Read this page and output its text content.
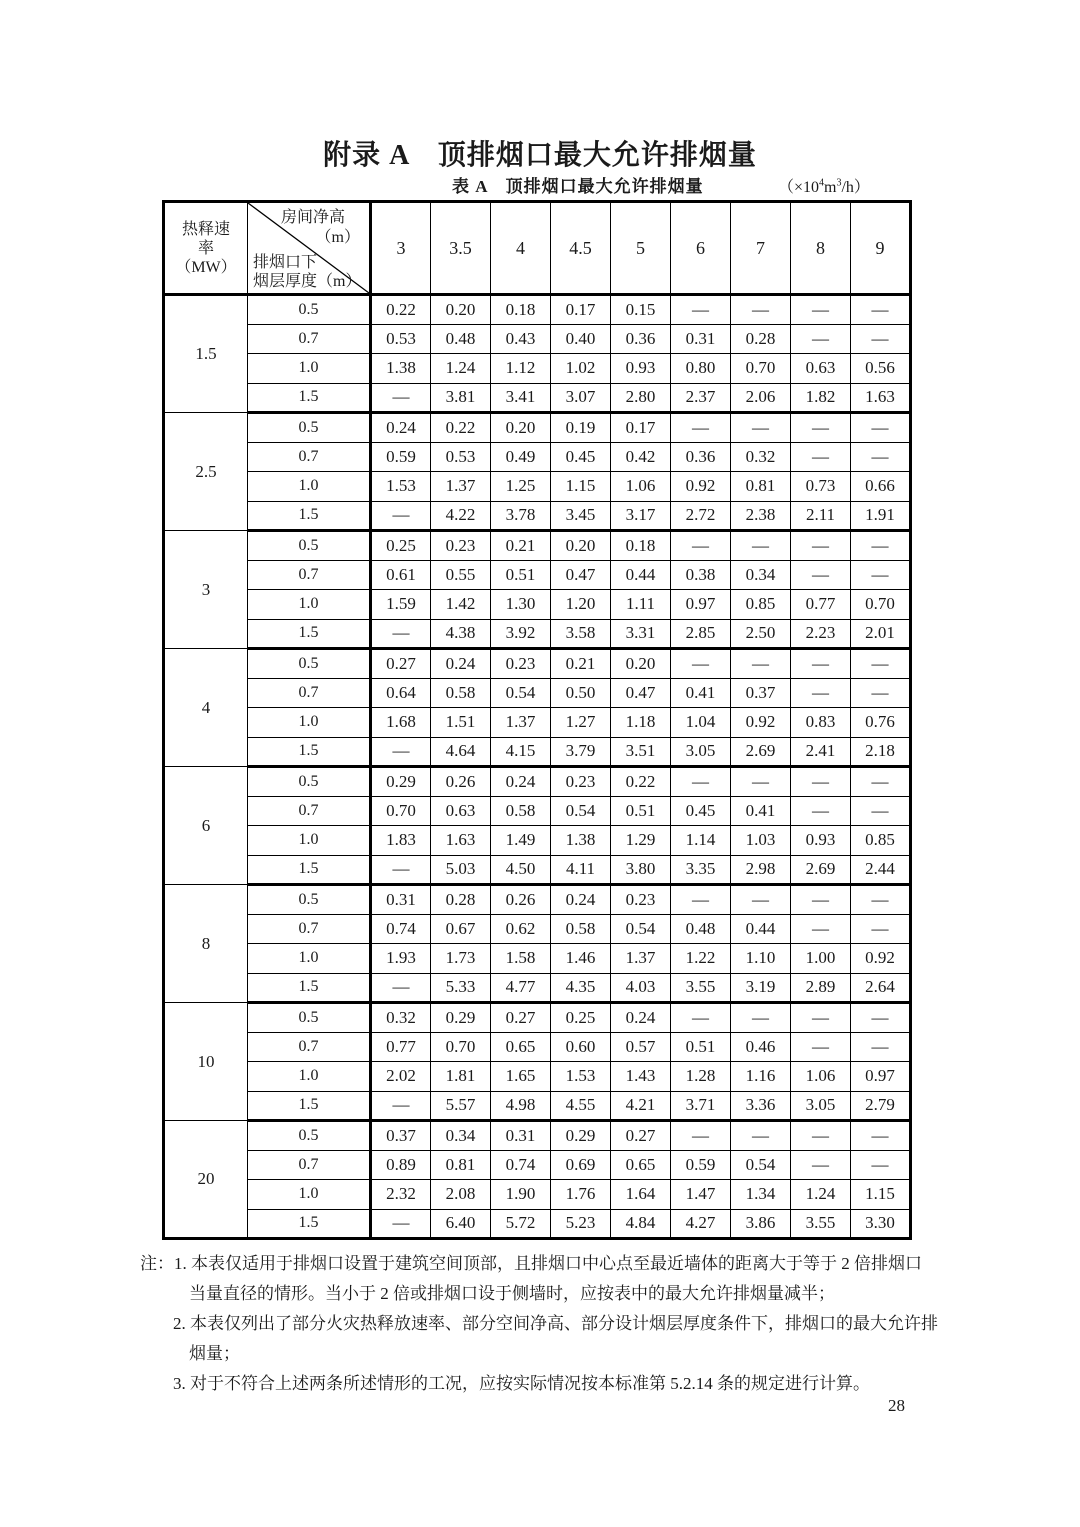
附录 A　顶排烟口最大允许排烟量
表 A　顶排烟口最大允许排烟量	$(\times 10^4m^3/h)$
热释速
率
（MW）

房间净高
（m）
排烟口下
烟层厚度（m）
	3	3.5	4	4.5	5	6	7	8	9
1.5	0.5	0.22	0.20	0.18	0.17	0.15	—	—	—	—
	0.7	0.53	0.48	0.43	0.40	0.36	0.31	0.28	—	—
	1.0	1.38	1.24	1.12	1.02	0.93	0.80	0.70	0.63	0.56
	1.5	—	3.81	3.41	3.07	2.80	2.37	2.06	1.82	1.63
2.5	0.5	0.24	0.22	0.20	0.19	0.17	—	—	—	—
	0.7	0.59	0.53	0.49	0.45	0.42	0.36	0.32	—	—
	1.0	1.53	1.37	1.25	1.15	1.06	0.92	0.81	0.73	0.66
	1.5	—	4.22	3.78	3.45	3.17	2.72	2.38	2.11	1.91
3	0.5	0.25	0.23	0.21	0.20	0.18	—	—	—	—
	0.7	0.61	0.55	0.51	0.47	0.44	0.38	0.34	—	—
	1.0	1.59	1.42	1.30	1.20	1.11	0.97	0.85	0.77	0.70
	1.5	—	4.38	3.92	3.58	3.31	2.85	2.50	2.23	2.01
4	0.5	0.27	0.24	0.23	0.21	0.20	—	—	—	—
	0.7	0.64	0.58	0.54	0.50	0.47	0.41	0.37	—	—
	1.0	1.68	1.51	1.37	1.27	1.18	1.04	0.92	0.83	0.76
	1.5	—	4.64	4.15	3.79	3.51	3.05	2.69	2.41	2.18
6	0.5	0.29	0.26	0.24	0.23	0.22	—	—	—	—
	0.7	0.70	0.63	0.58	0.54	0.51	0.45	0.41	—	—
	1.0	1.83	1.63	1.49	1.38	1.29	1.14	1.03	0.93	0.85
	1.5	—	5.03	4.50	4.11	3.80	3.35	2.98	2.69	2.44
8	0.5	0.31	0.28	0.26	0.24	0.23	—	—	—	—
	0.7	0.74	0.67	0.62	0.58	0.54	0.48	0.44	—	—
	1.0	1.93	1.73	1.58	1.46	1.37	1.22	1.10	1.00	0.92
	1.5	—	5.33	4.77	4.35	4.03	3.55	3.19	2.89	2.64
10	0.5	0.32	0.29	0.27	0.25	0.24	—	—	—	—
	0.7	0.77	0.70	0.65	0.60	0.57	0.51	0.46	—	—
	1.0	2.02	1.81	1.65	1.53	1.43	1.28	1.16	1.06	0.97
	1.5	—	5.57	4.98	4.55	4.21	3.71	3.36	3.05	2.79
20	0.5	0.37	0.34	0.31	0.29	0.27	—	—	—	—
	0.7	0.89	0.81	0.74	0.69	0.65	0.59	0.54	—	—
	1.0	2.32	2.08	1.90	1.76	1.64	1.47	1.34	1.24	1.15
	1.5	—	6.40	5.72	5.23	4.84	4.27	3.86	3.55	3.30
注：1. 本表仅适用于排烟口设置于建筑空间顶部，且排烟口中心点至最近墙体的距离大于等于 2 倍排烟口
当量直径的情形。当小于 2 倍或排烟口设于侧墙时，应按表中的最大允许排烟量减半；
2. 本表仅列出了部分火灾热释放速率、部分空间净高、部分设计烟层厚度条件下，排烟口的最大允许排
烟量；
3. 对于不符合上述两条所述情形的工况，应按实际情况按本标准第 5.2.14 条的规定进行计算。
28
